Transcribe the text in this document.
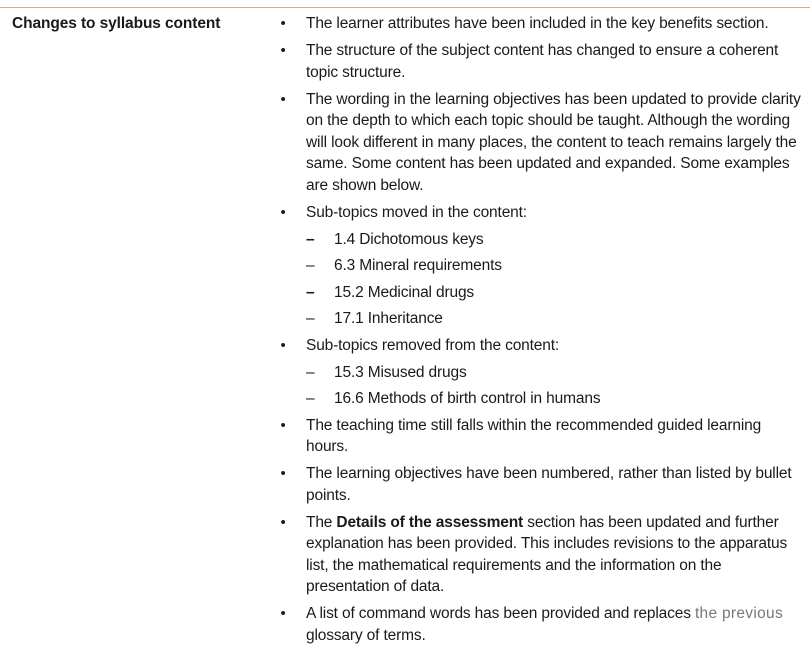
Changes to syllabus content	• The learner attributes have been included in the key benefits section.
• The structure of the subject content has changed to ensure a coherent topic structure.
• The wording in the learning objectives has been updated to provide clarity on the depth to which each topic should be taught. Although the wording will look different in many places, the content to teach remains largely the same. Some content has been updated and expanded. Some examples are shown below.
• Sub-topics moved in the content:
– 1.4 Dichotomous keys
– 6.3 Mineral requirements
– 15.2 Medicinal drugs
– 17.1 Inheritance
• Sub-topics removed from the content:
– 15.3 Misused drugs
– 16.6 Methods of birth control in humans
• The teaching time still falls within the recommended guided learning hours.
• The learning objectives have been numbered, rather than listed by bullet points.
• The Details of the assessment section has been updated and further explanation has been provided. This includes revisions to the apparatus list, the mathematical requirements and the information on the presentation of data.
• A list of command words has been provided and replaces the previous glossary of terms.
